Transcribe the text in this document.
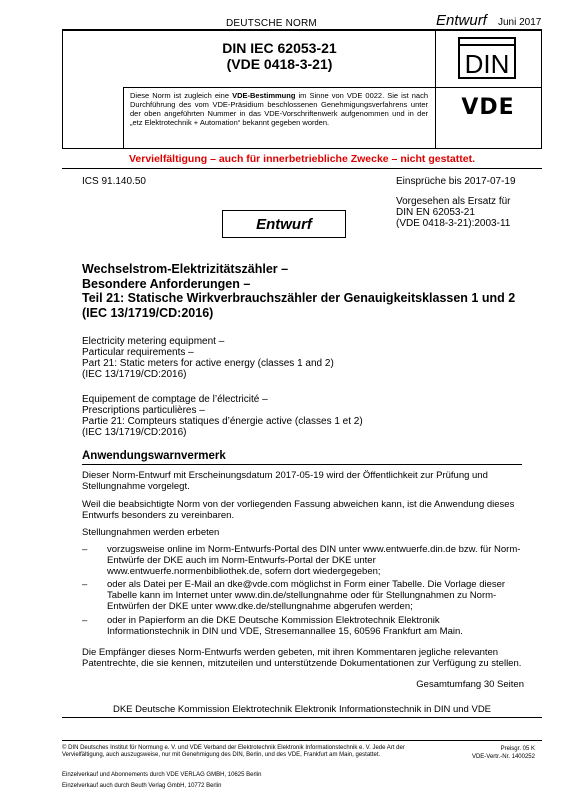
DEUTSCHE NORM	Entwurf Juni 2017
DIN IEC 62053-21
(VDE 0418-3-21)
Diese Norm ist zugleich eine VDE-Bestimmung im Sinne von VDE 0022. Sie ist nach Durchführung des vom VDE-Präsidium beschlossenen Genehmigungsverfahrens unter der oben angeführten Nummer in das VDE-Vorschriftenwerk aufgenommen und in der „etz Elektrotechnik + Automation“ bekannt gegeben worden.
DIN
VDE
Vervielfältigung – auch für innerbetriebliche Zwecke – nicht gestattet.
ICS 91.140.50	Einsprüche bis 2017-07-19
Vorgesehen als Ersatz für
DIN EN 62053-21
(VDE 0418-3-21):2003-11
Entwurf
Wechselstrom-Elektrizitätszähler –
Besondere Anforderungen –
Teil 21: Statische Wirkverbrauchszähler der Genauigkeitsklassen 1 und 2
(IEC 13/1719/CD:2016)
Electricity metering equipment –
Particular requirements –
Part 21: Static meters for active energy (classes 1 and 2)
(IEC 13/1719/CD:2016)
Equipement de comptage de l’électricité –
Prescriptions particulières –
Partie 21: Compteurs statiques d’énergie active (classes 1 et 2)
(IEC 13/1719/CD:2016)
Anwendungswarnvermerk
Dieser Norm-Entwurf mit Erscheinungsdatum 2017-05-19 wird der Öffentlichkeit zur Prüfung und Stellungnahme vorgelegt.
Weil die beabsichtigte Norm von der vorliegenden Fassung abweichen kann, ist die Anwendung dieses Entwurfs besonders zu vereinbaren.
Stellungnahmen werden erbeten
– vorzugsweise online im Norm-Entwurfs-Portal des DIN unter www.entwuerfe.din.de bzw. für Norm-Entwürfe der DKE auch im Norm-Entwurfs-Portal der DKE unter www.entwuerfe.normenbibliothek.de, sofern dort wiedergegeben;
– oder als Datei per E-Mail an dke@vde.com möglichst in Form einer Tabelle. Die Vorlage dieser Tabelle kann im Internet unter www.din.de/stellungnahme oder für Stellungnahmen zu Norm-Entwürfen der DKE unter www.dke.de/stellungnahme abgerufen werden;
– oder in Papierform an die DKE Deutsche Kommission Elektrotechnik Elektronik Informationstechnik in DIN und VDE, Stresemannallee 15, 60596 Frankfurt am Main.
Die Empfänger dieses Norm-Entwurfs werden gebeten, mit ihren Kommentaren jegliche relevanten Patentrechte, die sie kennen, mitzuteilen und unterstützende Dokumentationen zur Verfügung zu stellen.
Gesamtumfang 30 Seiten
DKE Deutsche Kommission Elektrotechnik Elektronik Informationstechnik in DIN und VDE
© DIN Deutsches Institut für Normung e. V. und VDE Verband der Elektrotechnik Elektronik Informationstechnik e. V. Jede Art der Vervielfältigung, auch auszugsweise, nur mit Genehmigung des DIN, Berlin, und des VDE, Frankfurt am Main, gestattet.
Preisgr. 05 K
VDE-Vertr.-Nr. 1400252
Einzelverkauf und Abonnements durch VDE VERLAG GMBH, 10625 Berlin
Einzelverkauf auch durch Beuth Verlag GmbH, 10772 Berlin
